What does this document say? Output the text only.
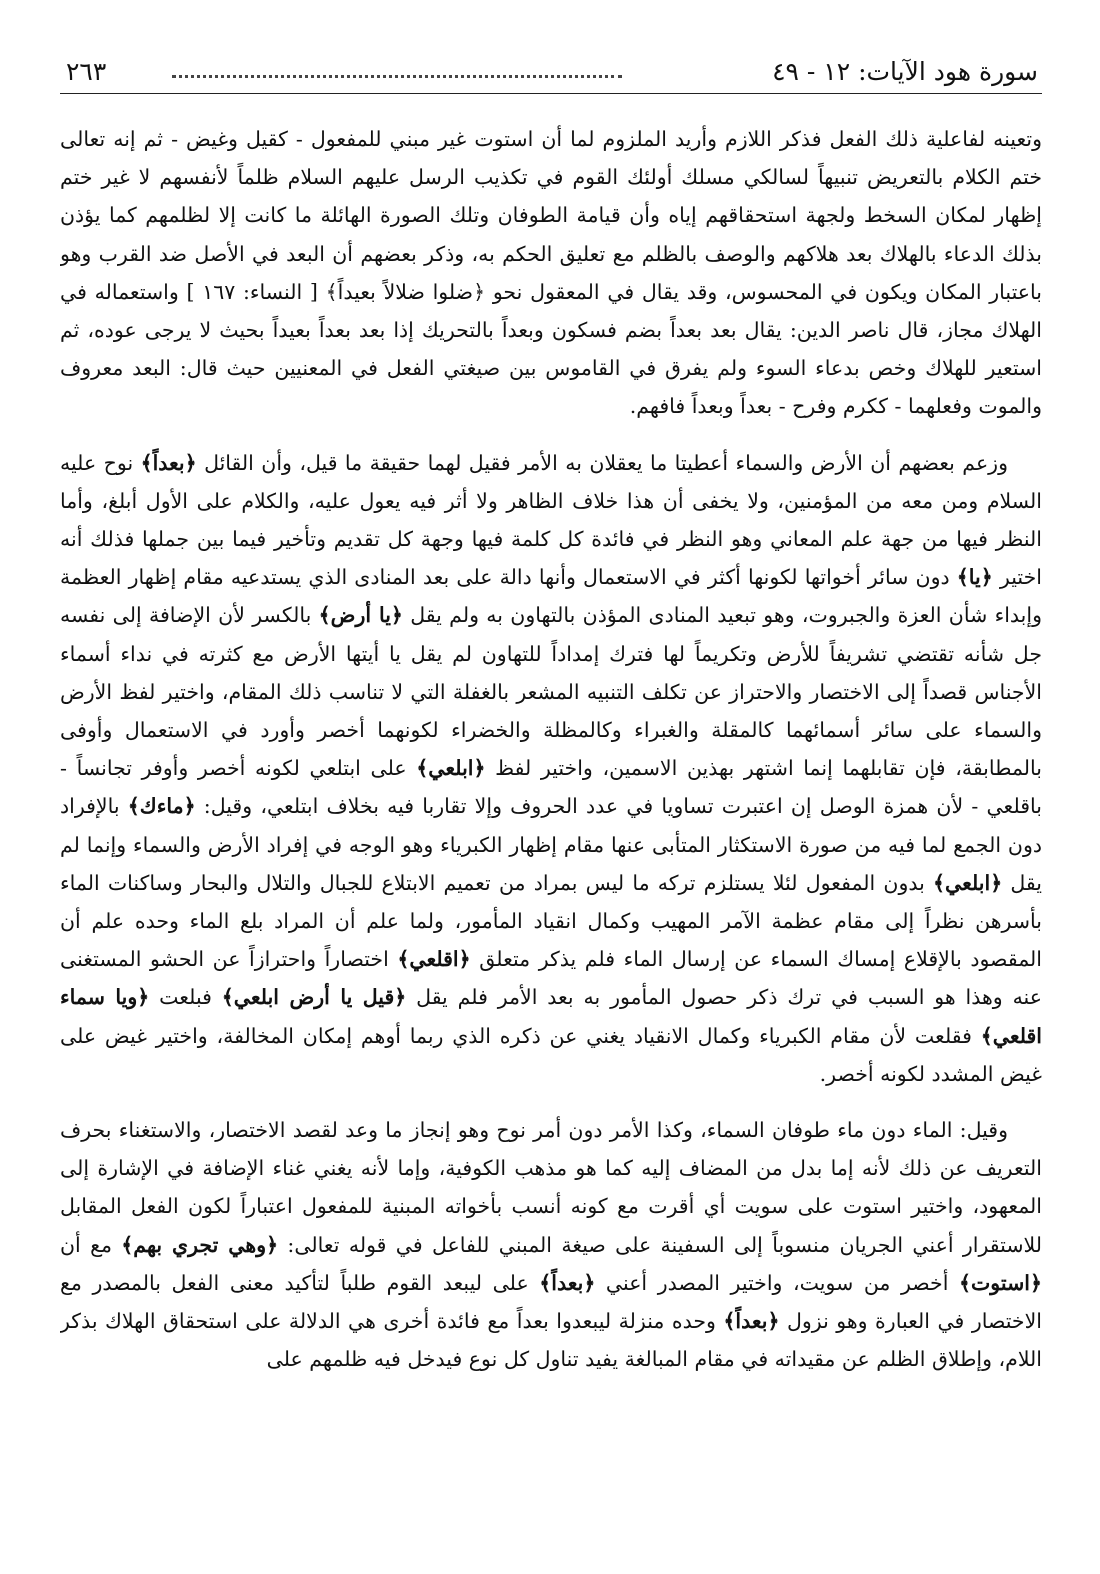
سورة هود الآيات: ١٢ - ٤٩
٢٦٣

وتعينه لفاعلية ذلك الفعل فذكر اللازم وأريد الملزوم لما أن استوت غير مبني للمفعول - كقيل وغيض - ثم إنه تعالى ختم الكلام بالتعريض تنبيهاً لسالكي مسلك أولئك القوم في تكذيب الرسل عليهم السلام ظلماً لأنفسهم لا غير ختم إظهار لمكان السخط ولجهة استحقاقهم إياه وأن قيامة الطوفان وتلك الصورة الهائلة ما كانت إلا لظلمهم كما يؤذن بذلك الدعاء بالهلاك بعد هلاكهم والوصف بالظلم مع تعليق الحكم به، وذكر بعضهم أن البعد في الأصل ضد القرب وهو باعتبار المكان ويكون في المحسوس، وقد يقال في المعقول نحو ﴿ضلوا ضلالاً بعيداً﴾ [ النساء: ١٦٧ ] واستعماله في الهلاك مجاز، قال ناصر الدين: يقال بعد بعداً بضم فسكون وبعداً بالتحريك إذا بعد بعداً بعيداً بحيث لا يرجى عوده، ثم استعير للهلاك وخص بدعاء السوء ولم يفرق في القاموس بين صيغتي الفعل في المعنيين حيث قال: البعد معروف والموت وفعلهما - ككرم وفرح - بعداً وبعداً فافهم.

وزعم بعضهم أن الأرض والسماء أعطيتا ما يعقلان به الأمر فقيل لهما حقيقة ما قيل، وأن القائل ﴿بعداً﴾ نوح عليه السلام ومن معه من المؤمنين، ولا يخفى أن هذا خلاف الظاهر ولا أثر فيه يعول عليه، والكلام على الأول أبلغ، وأما النظر فيها من جهة علم المعاني وهو النظر في فائدة كل كلمة فيها وجهة كل تقديم وتأخير فيما بين جملها فذلك أنه اختير ﴿يا﴾ دون سائر أخواتها لكونها أكثر في الاستعمال وأنها دالة على بعد المنادى الذي يستدعيه مقام إظهار العظمة وإبداء شأن العزة والجبروت، وهو تبعيد المنادى المؤذن بالتهاون به ولم يقل ﴿يا أرض﴾ بالكسر لأن الإضافة إلى نفسه جل شأنه تقتضي تشريفاً للأرض وتكريماً لها فترك إمداداً للتهاون لم يقل يا أيتها الأرض مع كثرته في نداء أسماء الأجناس قصداً إلى الاختصار والاحتراز عن تكلف التنبيه المشعر بالغفلة التي لا تناسب ذلك المقام، واختير لفظ الأرض والسماء على سائر أسمائهما كالمقلة والغبراء وكالمظلة والخضراء لكونهما أخصر وأورد في الاستعمال وأوفى بالمطابقة، فإن تقابلهما إنما اشتهر بهذين الاسمين، واختير لفظ ﴿ابلعي﴾ على ابتلعي لكونه أخصر وأوفر تجانساً - باقلعي - لأن همزة الوصل إن اعتبرت تساويا في عدد الحروف وإلا تقاربا فيه بخلاف ابتلعي، وقيل: ﴿ماءك﴾ بالإفراد دون الجمع لما فيه من صورة الاستكثار المتأبى عنها مقام إظهار الكبرياء وهو الوجه في إفراد الأرض والسماء وإنما لم يقل ﴿ابلعي﴾ بدون المفعول لئلا يستلزم تركه ما ليس بمراد من تعميم الابتلاع للجبال والتلال والبحار وساكنات الماء بأسرهن نظراً إلى مقام عظمة الآمر المهيب وكمال انقياد المأمور، ولما علم أن المراد بلع الماء وحده علم أن المقصود بالإقلاع إمساك السماء عن إرسال الماء فلم يذكر متعلق ﴿اقلعي﴾ اختصاراً واحترازاً عن الحشو المستغنى عنه وهذا هو السبب في ترك ذكر حصول المأمور به بعد الأمر فلم يقل ﴿قيل يا أرض ابلعي﴾ فبلعت ﴿ويا سماء اقلعي﴾ فقلعت لأن مقام الكبرياء وكمال الانقياد يغني عن ذكره الذي ربما أوهم إمكان المخالفة، واختير غيض على غيض المشدد لكونه أخصر.

وقيل: الماء دون ماء طوفان السماء، وكذا الأمر دون أمر نوح وهو إنجاز ما وعد لقصد الاختصار، والاستغناء بحرف التعريف عن ذلك لأنه إما بدل من المضاف إليه كما هو مذهب الكوفية، وإما لأنه يغني غناء الإضافة في الإشارة إلى المعهود، واختير استوت على سويت أي أقرت مع كونه أنسب بأخواته المبنية للمفعول اعتباراً لكون الفعل المقابل للاستقرار أعني الجريان منسوباً إلى السفينة على صيغة المبني للفاعل في قوله تعالى: ﴿وهي تجري بهم﴾ مع أن ﴿استوت﴾ أخصر من سويت، واختير المصدر أعني ﴿بعداً﴾ على ليبعد القوم طلباً لتأكيد معنى الفعل بالمصدر مع الاختصار في العبارة وهو نزول ﴿بعداً﴾ وحده منزلة ليبعدوا بعداً مع فائدة أخرى هي الدلالة على استحقاق الهلاك بذكر اللام، وإطلاق الظلم عن مقيداته في مقام المبالغة يفيد تناول كل نوع فيدخل فيه ظلمهم على
